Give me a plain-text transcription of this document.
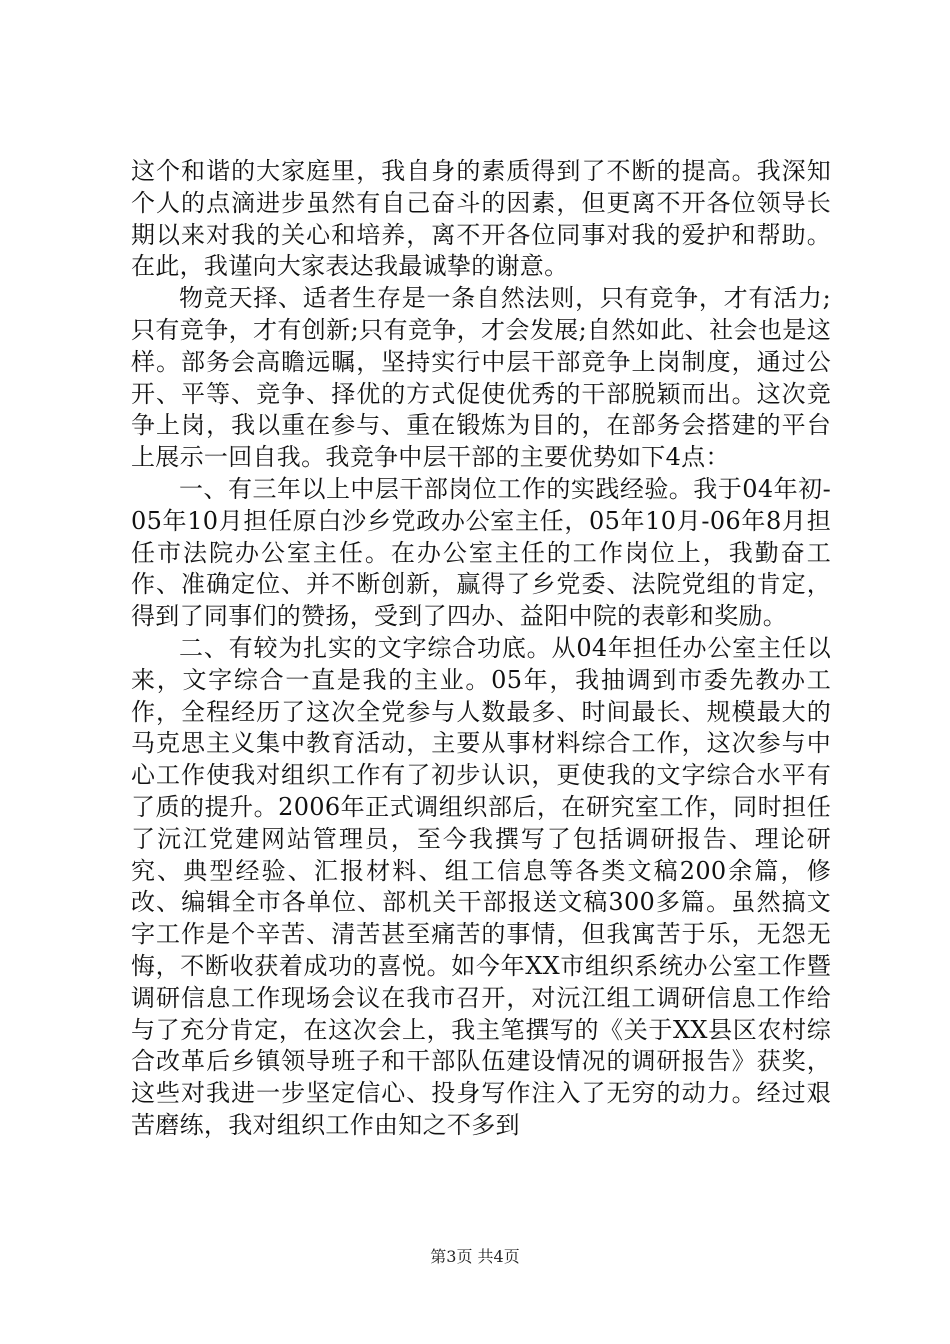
这个和谐的大家庭里，我自身的素质得到了不断的提高。我深知个人的点滴进步虽然有自己奋斗的因素，但更离不开各位领导长期以来对我的关心和培养，离不开各位同事对我的爱护和帮助。在此，我谨向大家表达我最诚挚的谢意。

物竞天择、适者生存是一条自然法则，只有竞争，才有活力;只有竞争，才有创新;只有竞争，才会发展;自然如此、社会也是这样。部务会高瞻远瞩，坚持实行中层干部竞争上岗制度，通过公开、平等、竞争、择优的方式促使优秀的干部脱颖而出。这次竞争上岗，我以重在参与、重在锻炼为目的，在部务会搭建的平台上展示一回自我。我竞争中层干部的主要优势如下4点：

一、有三年以上中层干部岗位工作的实践经验。我于04年初-05年10月担任原白沙乡党政办公室主任，05年10月-06年8月担任市法院办公室主任。在办公室主任的工作岗位上，我勤奋工作、准确定位、并不断创新，赢得了乡党委、法院党组的肯定，得到了同事们的赞扬，受到了四办、益阳中院的表彰和奖励。

二、有较为扎实的文字综合功底。从04年担任办公室主任以来，文字综合一直是我的主业。05年，我抽调到市委先教办工作，全程经历了这次全党参与人数最多、时间最长、规模最大的马克思主义集中教育活动，主要从事材料综合工作，这次参与中心工作使我对组织工作有了初步认识，更使我的文字综合水平有了质的提升。2006年正式调组织部后，在研究室工作，同时担任了沅江党建网站管理员，至今我撰写了包括调研报告、理论研究、典型经验、汇报材料、组工信息等各类文稿200余篇，修改、编辑全市各单位、部机关干部报送文稿300多篇。虽然搞文字工作是个辛苦、清苦甚至痛苦的事情，但我寓苦于乐，无怨无悔，不断收获着成功的喜悦。如今年XX市组织系统办公室工作暨调研信息工作现场会议在我市召开，对沅江组工调研信息工作给与了充分肯定，在这次会上，我主笔撰写的《关于XX县区农村综合改革后乡镇领导班子和干部队伍建设情况的调研报告》获奖，这些对我进一步坚定信心、投身写作注入了无穷的动力。经过艰苦磨练，我对组织工作由知之不多到

第3页 共4页
